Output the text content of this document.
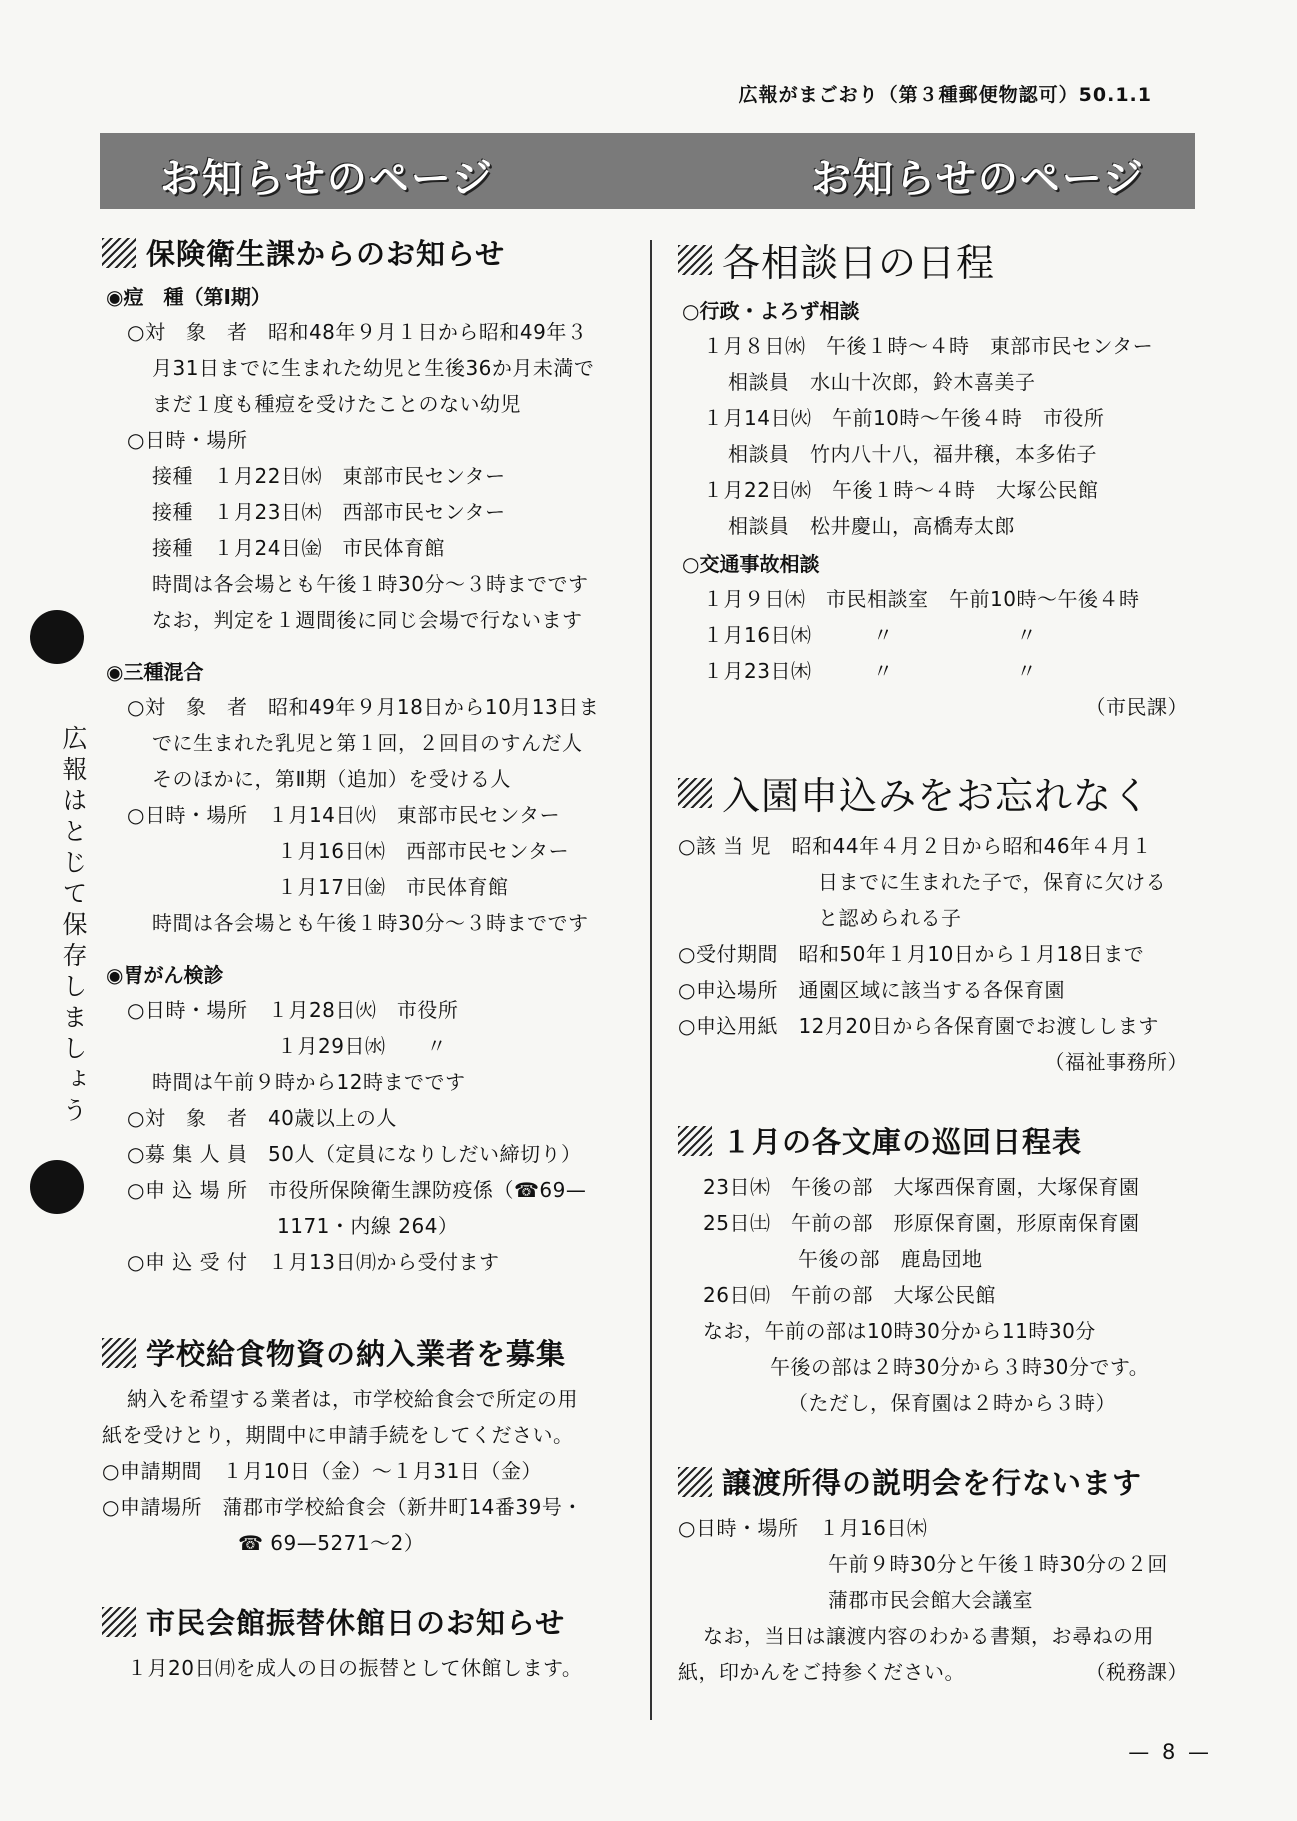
広報がまごおり（第３種郵便物認可）50.1.1
お知らせのページ	お知らせのページ
広報はとじて保存しましょう
保険衛生課からのお知らせ
◉痘　種（第Ⅰ期）
○対　象　者　昭和48年９月１日から昭和49年３
月31日までに生まれた幼児と生後36か月未満で
まだ１度も種痘を受けたことのない幼児
○日時・場所
接種　１月22日㈬　東部市民センター
接種　１月23日㈭　西部市民センター
接種　１月24日㈮　市民体育館
時間は各会場とも午後１時30分～３時までです
なお，判定を１週間後に同じ会場で行ないます
◉三種混合
○対　象　者　昭和49年９月18日から10月13日ま
でに生まれた乳児と第１回，２回目のすんだ人
そのほかに，第Ⅱ期（追加）を受ける人
○日時・場所　１月14日㈫　東部市民センター
１月16日㈭　西部市民センター
１月17日㈮　市民体育館
時間は各会場とも午後１時30分～３時までです
◉胃がん検診
○日時・場所　１月28日㈫　市役所
１月29日㈬　　〃
時間は午前９時から12時までです
○対　象　者　40歳以上の人
○募 集 人 員　50人（定員になりしだい締切り）
○申 込 場 所　市役所保険衛生課防疫係（☎69—
1171・内線 264）
○申 込 受 付　１月13日㈪から受付ます
学校給食物資の納入業者を募集
納入を希望する業者は，市学校給食会で所定の用
紙を受けとり，期間中に申請手続をしてください。
○申請期間　１月10日（金）～１月31日（金）
○申請場所　蒲郡市学校給食会（新井町14番39号・
☎ 69—5271～2）
市民会館振替休館日のお知らせ
１月20日㈪を成人の日の振替として休館します。
各相談日の日程
○行政・よろず相談
１月８日㈬　午後１時～４時　東部市民センター
相談員　水山十次郎，鈴木喜美子
１月14日㈫　午前10時～午後４時　市役所
相談員　竹内八十八，福井穣，本多佑子
１月22日㈬　午後１時～４時　大塚公民館
相談員　松井慶山，高橋寿太郎
○交通事故相談
１月９日㈭　市民相談室　午前10時～午後４時
１月16日㈭　　　〃　　　　　　〃
１月23日㈭　　　〃　　　　　　〃
（市民課）
入園申込みをお忘れなく
○該 当 児　昭和44年４月２日から昭和46年４月１
日までに生まれた子で，保育に欠ける
と認められる子
○受付期間　昭和50年１月10日から１月18日まで
○申込場所　通園区域に該当する各保育園
○申込用紙　12月20日から各保育園でお渡しします
（福祉事務所）
１月の各文庫の巡回日程表
23日㈭　午後の部　大塚西保育園，大塚保育園
25日㈯　午前の部　形原保育園，形原南保育園
午後の部　鹿島団地
26日㈰　午前の部　大塚公民館
なお，午前の部は10時30分から11時30分
午後の部は２時30分から３時30分です。
（ただし，保育園は２時から３時）
譲渡所得の説明会を行ないます
○日時・場所　１月16日㈭
午前９時30分と午後１時30分の２回
蒲郡市民会館大会議室
なお，当日は譲渡内容のわかる書類，お尋ねの用
紙，印かんをご持参ください。	（税務課）
— 8 —
